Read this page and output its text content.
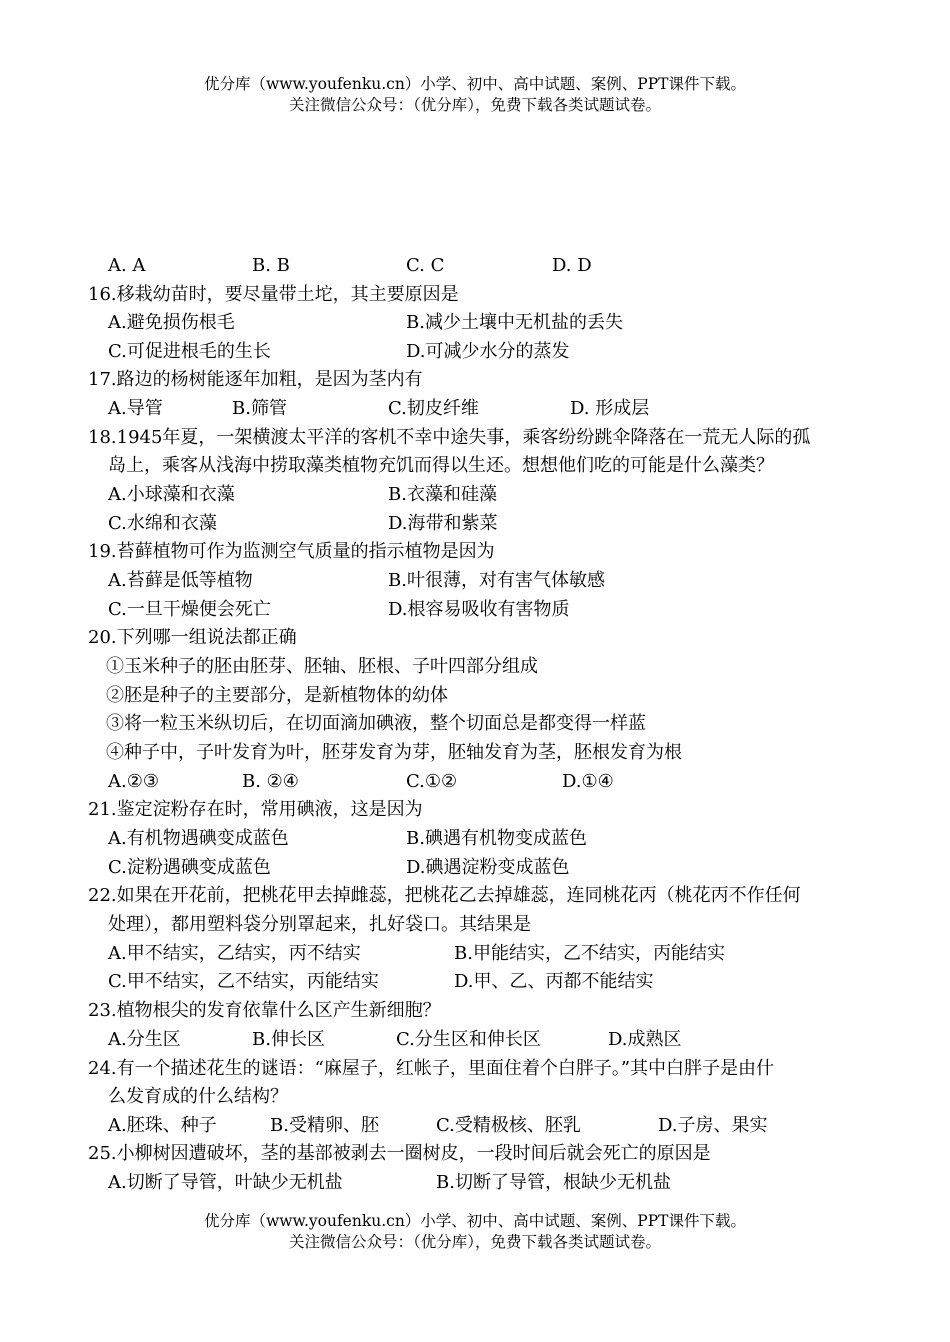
优分库（www.youfenku.cn）小学、初中、高中试题、案例、PPT课件下载。
关注微信公众号：（优分库），免费下载各类试题试卷。
A. A	B. B	C. C	D. D
16.移栽幼苗时，要尽量带土坨，其主要原因是
A.避免损伤根毛	B.减少土壤中无机盐的丢失
C.可促进根毛的生长	D.可减少水分的蒸发
17.路边的杨树能逐年加粗，是因为茎内有
A.导管	B.筛管	C.韧皮纤维	D. 形成层
18.1945年夏，一架横渡太平洋的客机不幸中途失事，乘客纷纷跳伞降落在一荒无人际的孤
岛上，乘客从浅海中捞取藻类植物充饥而得以生还。想想他们吃的可能是什么藻类？
A.小球藻和衣藻	B.衣藻和硅藻
C.水绵和衣藻	D.海带和紫菜
19.苔藓植物可作为监测空气质量的指示植物是因为
A.苔藓是低等植物	B.叶很薄，对有害气体敏感
C.一旦干燥便会死亡	D.根容易吸收有害物质
20.下列哪一组说法都正确
①玉米种子的胚由胚芽、胚轴、胚根、子叶四部分组成
②胚是种子的主要部分，是新植物体的幼体
③将一粒玉米纵切后，在切面滴加碘液，整个切面总是都变得一样蓝
④种子中，子叶发育为叶，胚芽发育为芽，胚轴发育为茎，胚根发育为根
A.②③	B. ②④	C.①②	D.①④
21.鉴定淀粉存在时，常用碘液，这是因为
A.有机物遇碘变成蓝色	B.碘遇有机物变成蓝色
C.淀粉遇碘变成蓝色	D.碘遇淀粉变成蓝色
22.如果在开花前，把桃花甲去掉雌蕊，把桃花乙去掉雄蕊，连同桃花丙（桃花丙不作任何
处理），都用塑料袋分别罩起来，扎好袋口。其结果是
A.甲不结实，乙结实，丙不结实	B.甲能结实，乙不结实，丙能结实
C.甲不结实，乙不结实，丙能结实	D.甲、乙、丙都不能结实
23.植物根尖的发育依靠什么区产生新细胞？
A.分生区	B.伸长区	C.分生区和伸长区	D.成熟区
24.有一个描述花生的谜语：“麻屋子，红帐子，里面住着个白胖子。”其中白胖子是由什
么发育成的什么结构？
A.胚珠、种子	B.受精卵、胚	C.受精极核、胚乳	D.子房、果实
25.小柳树因遭破坏，茎的基部被剥去一圈树皮，一段时间后就会死亡的原因是
A.切断了导管，叶缺少无机盐	B.切断了导管，根缺少无机盐
优分库（www.youfenku.cn）小学、初中、高中试题、案例、PPT课件下载。
关注微信公众号：（优分库），免费下载各类试题试卷。
